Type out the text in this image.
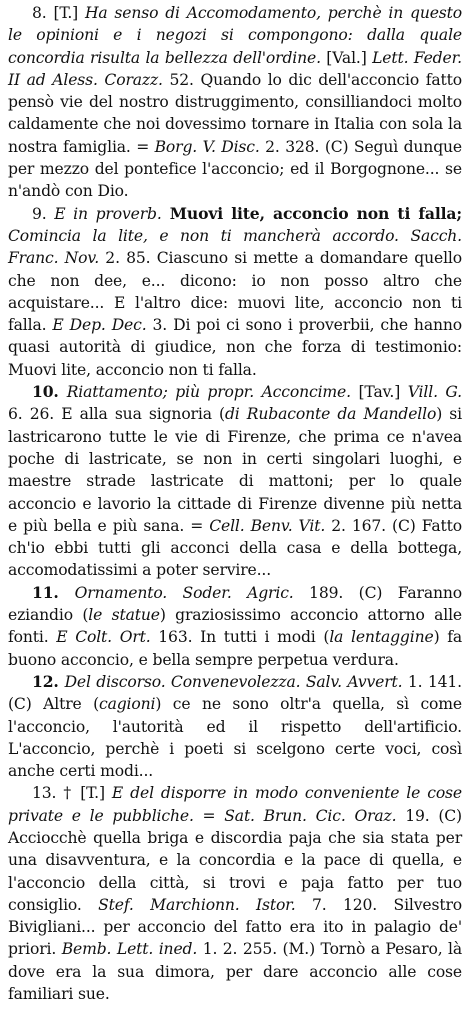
8. [T.] Ha senso di Accomodamento, perchè in questo le opinioni e i negozi si compongono: dalla quale concordia risulta la bellezza dell'ordine. [Val.] Lett. Feder. II ad Aless. Corazz. 52. Quando lo dic dell'acconcio fatto pensò vie del nostro distruggimento, consilliandoci molto caldamente che noi dovessimo tornare in Italia con sola la nostra famiglia. = Borg. V. Disc. 2. 328. (C) Seguì dunque per mezzo del pontefice l'acconcio; ed il Borgognone... se n'andò con Dio.

9. E in proverb. Muovi lite, acconcio non ti falla; Comincia la lite, e non ti mancherà accordo. Sacch. Franc. Nov. 2. 85. Ciascuno si mette a domandare quello che non dee, e... dicono: io non posso altro che acquistare... E l'altro dice: muovi lite, acconcio non ti falla. E Dep. Dec. 3. Di poi ci sono i proverbii, che hanno quasi autorità di giudice, non che forza di testimonio: Muovi lite, acconcio non ti falla.

10. Riattamento; più propr. Acconcime. [Tav.] Vill. G. 6. 26. E alla sua signoria (di Rubaconte da Mandello) si lastricarono tutte le vie di Firenze, che prima ce n'avea poche di lastricate, se non in certi singolari luoghi, e maestre strade lastricate di mattoni; per lo quale acconcio e lavorio la cittade di Firenze divenne più netta e più bella e più sana. = Cell. Benv. Vit. 2. 167. (C) Fatto ch'io ebbi tutti gli acconci della casa e della bottega, accomodatissimi a poter servire...

11. Ornamento. Soder. Agric. 189. (C) Faranno eziandio (le statue) graziosissimo acconcio attorno alle fonti. E Colt. Ort. 163. In tutti i modi (la lentaggine) fa buono acconcio, e bella sempre perpetua verdura.

12. Del discorso. Convenevolezza. Salv. Avvert. 1. 141. (C) Altre (cagioni) ce ne sono oltr'a quella, sì come l'acconcio, l'autorità ed il rispetto dell'artificio. L'acconcio, perchè i poeti si scelgono certe voci, così anche certi modi...

13. † [T.] E del disporre in modo conveniente le cose private e le pubbliche. = Sat. Brun. Cic. Oraz. 19. (C) Acciocchè quella briga e discordia paja che sia stata per una disavventura, e la concordia e la pace di quella, e l'acconcio della città, si trovi e paja fatto per tuo consiglio. Stef. Marchionn. Istor. 7. 120. Silvestro Bivigliani... per acconcio del fatto era ito in palagio de' priori. Bemb. Lett. ined. 1. 2. 255. (M.) Tornò a Pesaro, là dove era la sua dimora, per dare acconcio alle cose familiari sue.
